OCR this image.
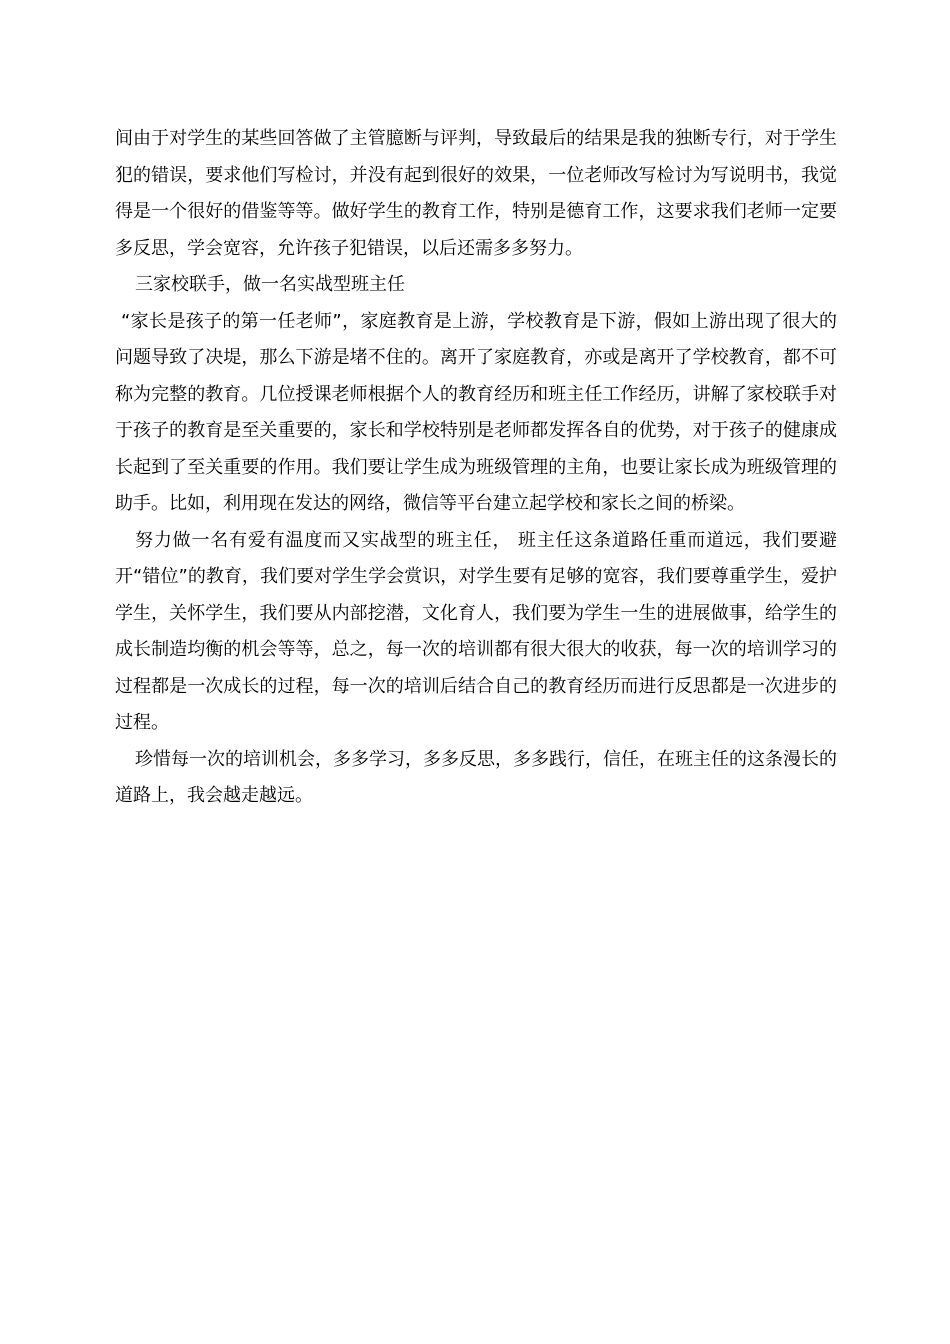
间由于对学生的某些回答做了主管臆断与评判，导致最后的结果是我的独断专行，对于学生犯的错误，要求他们写检讨，并没有起到很好的效果，一位老师改写检讨为写说明书，我觉得是一个很好的借鉴等等。做好学生的教育工作，特别是德育工作，这要求我们老师一定要多反思，学会宽容，允许孩子犯错误，以后还需多多努力。

三家校联手，做一名实战型班主任

“家长是孩子的第一任老师”，家庭教育是上游，学校教育是下游，假如上游出现了很大的问题导致了决堤，那么下游是堵不住的。离开了家庭教育，亦或是离开了学校教育，都不可称为完整的教育。几位授课老师根据个人的教育经历和班主任工作经历，讲解了家校联手对于孩子的教育是至关重要的，家长和学校特别是老师都发挥各自的优势，对于孩子的健康成长起到了至关重要的作用。我们要让学生成为班级管理的主角，也要让家长成为班级管理的助手。比如，利用现在发达的网络，微信等平台建立起学校和家长之间的桥梁。

努力做一名有爱有温度而又实战型的班主任， 班主任这条道路任重而道远，我们要避开“错位”的教育，我们要对学生学会赏识，对学生要有足够的宽容，我们要尊重学生，爱护学生，关怀学生，我们要从内部挖潜，文化育人，我们要为学生一生的进展做事，给学生的成长制造均衡的机会等等，总之，每一次的培训都有很大很大的收获，每一次的培训学习的过程都是一次成长的过程，每一次的培训后结合自己的教育经历而进行反思都是一次进步的过程。

珍惜每一次的培训机会，多多学习，多多反思，多多践行，信任，在班主任的这条漫长的道路上，我会越走越远。
